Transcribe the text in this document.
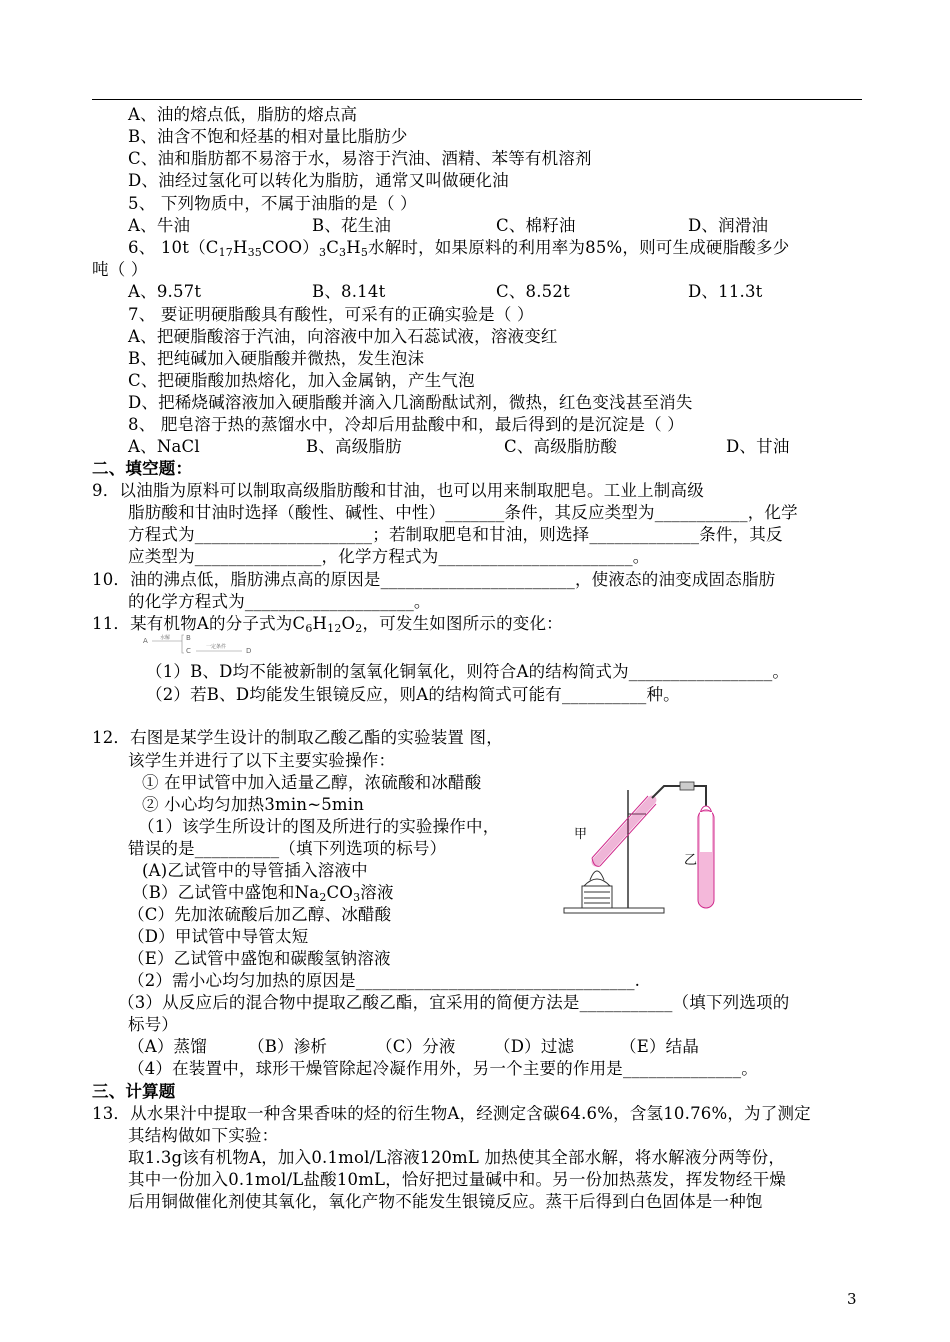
A、油的熔点低，脂肪的熔点高
B、油含不饱和烃基的相对量比脂肪少
C、油和脂肪都不易溶于水，易溶于汽油、酒精、苯等有机溶剂
D、油经过氢化可以转化为脂肪，通常又叫做硬化油
5、 下列物质中，不属于油脂的是（ ）
A、牛油	B、花生油	C、棉籽油	D、润滑油
6、 $10t(C_{17}H_{35}COO)_3C_3H_5$水解时，如果原料的利用率为85%，则可生成硬脂酸多少
吨（ ）
A、9.57t	B、8.14t	C、8.52t	D、11.3t
7、 要证明硬脂酸具有酸性，可采有的正确实验是（ ）
A、把硬脂酸溶于汽油，向溶液中加入石蕊试液，溶液变红
B、把纯碱加入硬脂酸并微热，发生泡沫
C、把硬脂酸加热熔化，加入金属钠，产生气泡
D、把稀烧碱溶液加入硬脂酸并滴入几滴酚酞试剂，微热，红色变浅甚至消失
8、 肥皂溶于热的蒸馏水中，冷却后用盐酸中和，最后得到的是沉淀是（ ）
A、NaCl	B、高级脂肪	C、高级脂肪酸	D、甘油
二、填空题：
9．以油脂为原料可以制取高级脂肪酸和甘油，也可以用来制取肥皂。工业上制高级
脂肪酸和甘油时选择（酸性、碱性、中性）_______条件，其反应类型为___________，化学
方程式为_____________________；若制取肥皂和甘油，则选择_____________条件，其反
应类型为_______________，化学方程式为_______________________。
10．油的沸点低，脂肪沸点高的原因是_______________________，使液态的油变成固态脂肪
的化学方程式为____________________。
11．某有机物A的分子式为$C_6H_{12}O_2$，可发生如图所示的变化：
A 水解 B
C	一定条件	D
（1）B、D均不能被新制的氢氧化铜氧化，则符合A的结构简式为_________________。
（2）若B、D均能发生银镜反应，则A的结构简式可能有__________种。
12．右图是某学生设计的制取乙酸乙酯的实验装置 图，
该学生并进行了以下主要实验操作：
① 在甲试管中加入适量乙醇，浓硫酸和冰醋酸
② 小心均匀加热3min~5min
（1）该学生所设计的图及所进行的实验操作中，
错误的是__________（填下列选项的标号）
(A)乙试管中的导管插入溶液中
（B）乙试管中盛饱和$Na_2CO_3$溶液
（C）先加浓硫酸后加乙醇、冰醋酸
（D）甲试管中导管太短
（E）乙试管中盛饱和碳酸氢钠溶液
（2）需小心均匀加热的原因是_________________________________.
（3）从反应后的混合物中提取乙酸乙酯，宜采用的简便方法是___________（填下列选项的
标号）
（A）蒸馏 （B）渗析	（C）分液 （D）过滤	（E）结晶
（4）在装置中，球形干燥管除起冷凝作用外，另一个主要的作用是______________。
甲
乙
三、计算题
13．从水果汁中提取一种含果香味的烃的衍生物A，经测定含碳64.6%，含氢10.76%，为了测定
其结构做如下实验：
取1.3g该有机物A，加入0.1mol/L溶液120mL 加热使其全部水解，将水解液分两等份，
其中一份加入0.1mol/L盐酸10mL，恰好把过量碱中和。另一份加热蒸发，挥发物经干燥
后用铜做催化剂使其氧化，氧化产物不能发生银镜反应。蒸干后得到白色固体是一种饱
3
